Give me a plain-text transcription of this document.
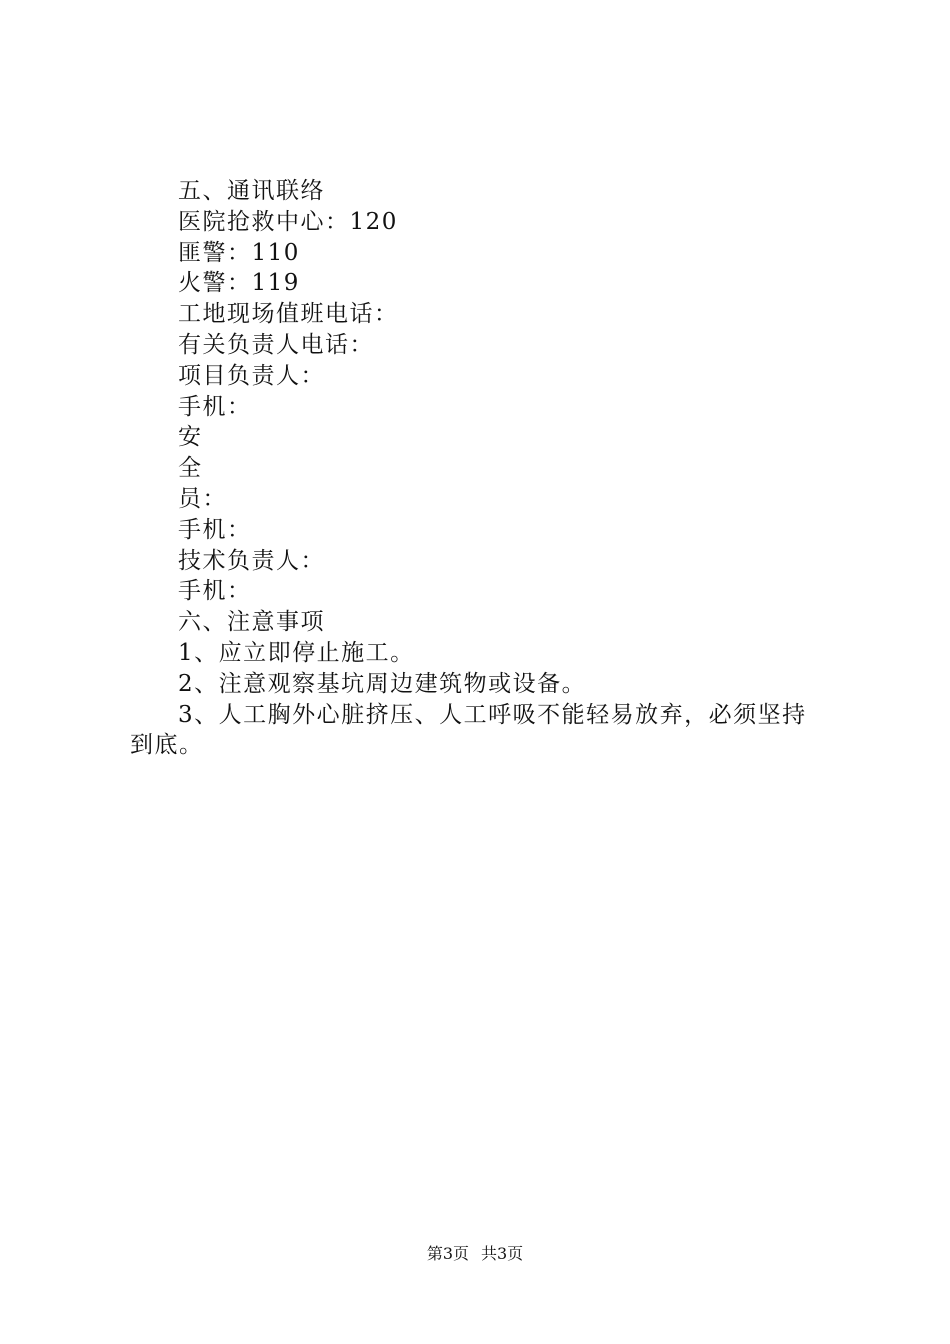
五、通讯联络
医院抢救中心：120
匪警：110
火警：119
工地现场值班电话：
有关负责人电话：
项目负责人：
手机：
安
全
员：
手机：
技术负责人：
手机：
六、注意事项
1、应立即停止施工。
2、注意观察基坑周边建筑物或设备。
3、人工胸外心脏挤压、人工呼吸不能轻易放弃，必须坚持到底。
第3页 共3页
